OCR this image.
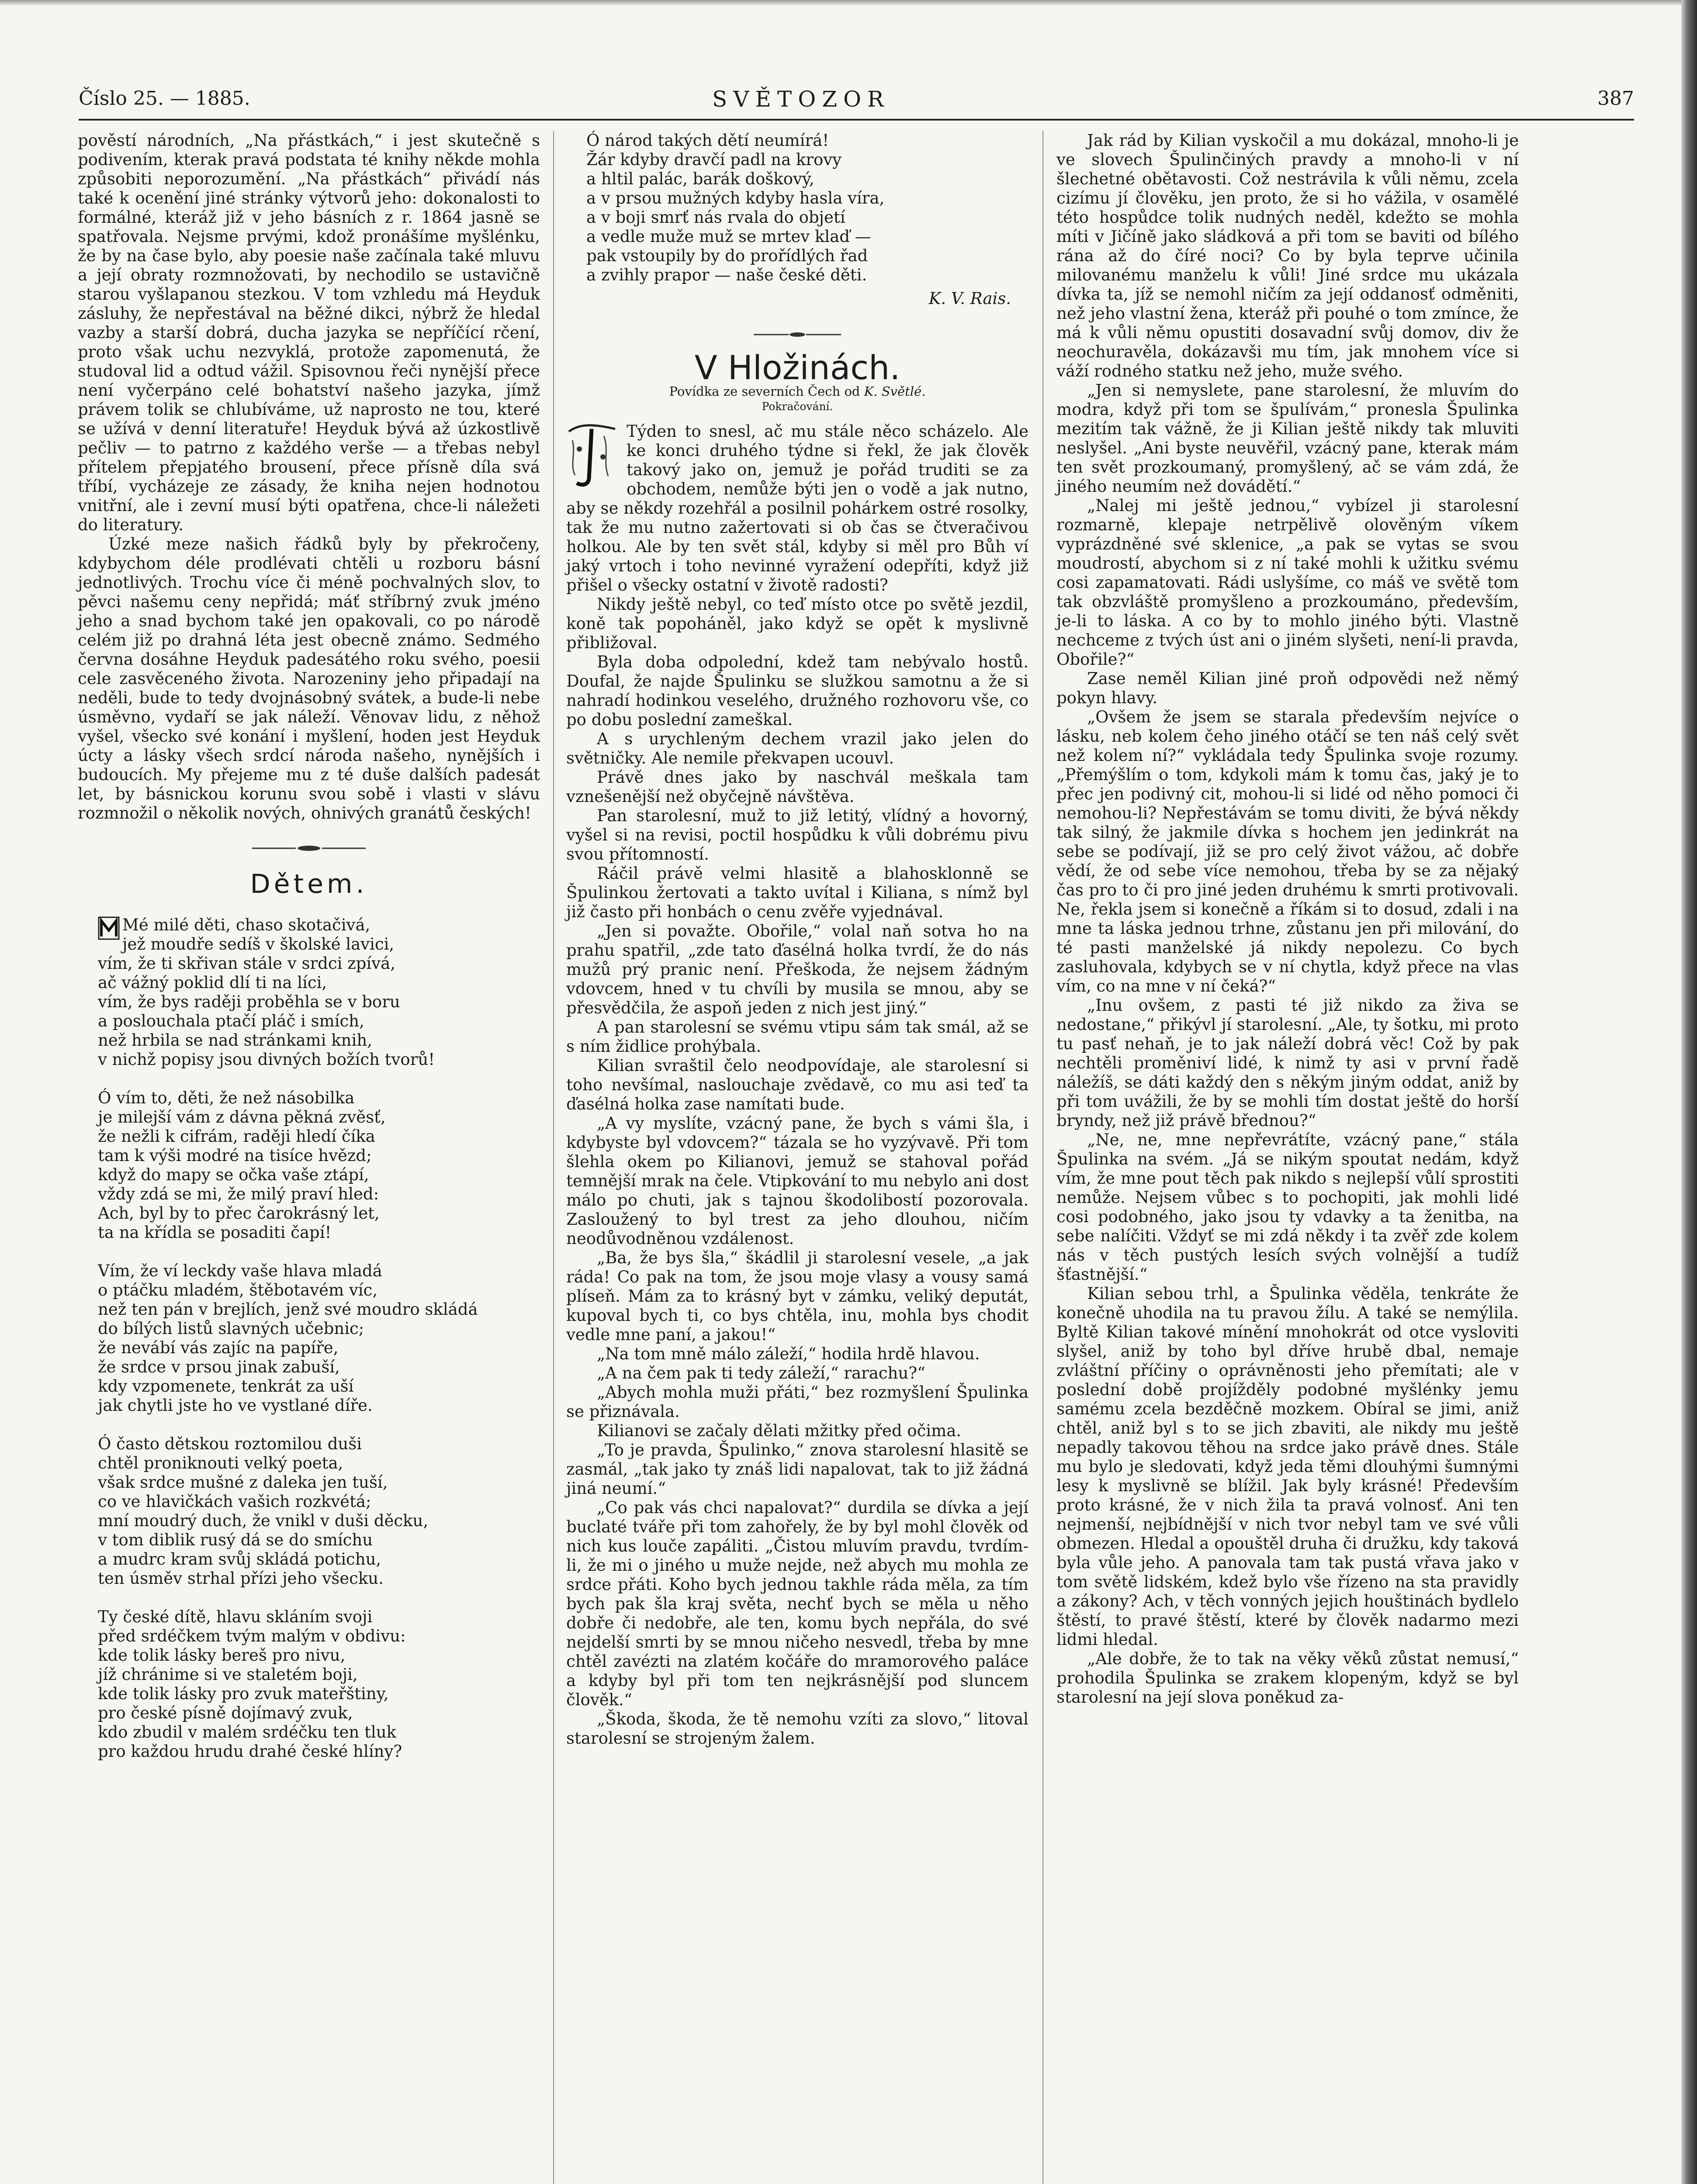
Číslo 25. — 1885.	SVĚTOZOR	387

pověstí národních, „Na přástkách,“ i jest skutečně s podivením, kterak pravá podstata té knihy někde mohla způsobiti neporozumění. „Na přástkách“ přivádí nás také k ocenění jiné stránky výtvorů jeho: dokonalosti to formálné, kteráž již v jeho básních z r. 1864 jasně se spatřovala. Nejsme prvými, kdož pronášíme myšlénku, že by na čase bylo, aby poesie naše začínala také mluvu a její obraty rozmnožovati, by nechodilo se ustavičně starou vyšlapanou stezkou. V tom vzhledu má Heyduk zásluhy, že nepřestával na běžné dikci, nýbrž že hledal vazby a starší dobrá, ducha jazyka se nepříčící rčení, proto však uchu nezvyklá, protože zapomenutá, že studoval lid a odtud vážil. Spisovnou řeči nynější přece není vyčerpáno celé bohatství našeho jazyka, jímž právem tolik se chlubíváme, už naprosto ne tou, které se užívá v denní literatuře! Heyduk bývá až úzkostlivě pečliv — to patrno z každého verše — a třebas nebyl přítelem přepjatého brousení, přece přísně díla svá tříbí, vycházeje ze zásady, že kniha nejen hodnotou vnitřní, ale i zevní musí býti opatřena, chce-li náležeti do literatury.

Úzké meze našich řádků byly by překročeny, kdybychom déle prodlévati chtěli u rozboru básní jednotlivých. Trochu více či méně pochvalných slov, to pěvci našemu ceny nepřidá; máť stříbrný zvuk jméno jeho a snad bychom také jen opakovali, co po národě celém již po drahná léta jest obecně známo. Sedmého června dosáhne Heyduk padesátého roku svého, poesii cele zasvěceného života. Narozeniny jeho připadají na neděli, bude to tedy dvojnásobný svátek, a bude-li nebe úsměvno, vydaří se jak náleží. Věnovav lidu, z něhož vyšel, všecko své konání i myšlení, hoden jest Heyduk úcty a lásky všech srdcí národa našeho, nynějších i budoucích. My přejeme mu z té duše dalších padesát let, by básnickou korunu svou sobě i vlasti v slávu rozmnožil o několik nových, ohnivých granátů českých!

Dětem.
Mé milé děti, chaso skotačivá,
jež moudře sedíš v školské lavici,
vím, že ti skřivan stále v srdci zpívá,
ač vážný poklid dlí ti na líci,
vím, že bys raději proběhla se v boru
a poslouchala ptačí pláč i smích,
než hrbila se nad stránkami knih,
v nichž popisy jsou divných božích tvorů!
Ó vím to, děti, že než násobilka
je milejší vám z dávna pěkná zvěsť,
že nežli k cifrám, raději hledí číka
tam k výši modré na tisíce hvězd;
když do mapy se očka vaše ztápí,
vždy zdá se mi, že milý praví hled:
Ach, byl by to přec čarokrásný let,
ta na křídla se posaditi čapí!
Vím, že ví leckdy vaše hlava mladá
o ptáčku mladém, štěbotavém víc,
než ten pán v brejlích, jenž své moudro skládá
do bílých listů slavných učebnic;
že nevábí vás zajíc na papíře,
že srdce v prsou jinak zabuší,
kdy vzpomenete, tenkrát za uší
jak chytli jste ho ve vystlané díře.
Ó často dětskou roztomilou duši
chtěl proniknouti velký poeta,
však srdce mušné z daleka jen tuší,
co ve hlavičkách vašich rozkvétá;
mní moudrý duch, že vnikl v duši děcku,
v tom diblik rusý dá se do smíchu
a mudrc kram svůj skládá potichu,
ten úsměv strhal přízi jeho všecku.
Ty české dítě, hlavu skláním svoji
před srdéčkem tvým malým v obdivu:
kde tolik lásky bereš pro nivu,
jíž chránime si ve staletém boji,
kde tolik lásky pro zvuk mateřštiny,
pro české písně dojímavý zvuk,
kdo zbudil v malém srdéčku ten tluk
pro každou hrudu drahé české hlíny?
Ó národ takých dětí neumírá!
Žár kdyby dravčí padl na krovy
a hltil palác, barák doškový,
a v prsou mužných kdyby hasla víra,
a v boji smrť nás rvala do objetí
a vedle muže muž se mrtev klaď —
pak vstoupily by do prořídlých řad
a zvihly prapor — naše české děti.
K. V. Rais.
V Hložinách.
Povídka ze severních Čech od K. Světlé.
Pokračování.

Týden to snesl, ač mu stále něco scházelo. Ale ke konci druhého týdne si řekl, že jak člověk takový jako on, jemuž je pořád truditi se za obchodem, nemůže býti jen o vodě a jak nutno, aby se někdy rozehřál a posilnil pohárkem ostré rosolky, tak že mu nutno zažertovati si ob čas se čtveračivou holkou. Ale by ten svět stál, kdyby si měl pro Bůh ví jaký vrtoch i toho nevinné vyražení odepříti, když již přišel o všecky ostatní v životě radosti?

Nikdy ještě nebyl, co teď místo otce po světě jezdil, koně tak popoháněl, jako když se opět k myslivně přibližoval.

Byla doba odpolední, kdež tam nebývalo hostů. Doufal, že najde Špulinku se služkou samotnu a že si nahradí hodinkou veselého, družného rozhovoru vše, co po dobu poslední zameškal.

A s urychleným dechem vrazil jako jelen do světničky. Ale nemile překvapen ucouvl.

Právě dnes jako by naschvál meškala tam vznešenější než obyčejně návštěva.

Pan starolesní, muž to již letitý, vlídný a hovorný, vyšel si na revisi, poctil hospůdku k vůli dobrému pivu svou přítomností.

Ráčil právě velmi hlasitě a blahosklonně se Špulinkou žertovati a takto uvítal i Kiliana, s nímž byl již často při honbách o cenu zvěře vyjednával.

„Jen si považte. Obořile,“ volal naň sotva ho na prahu spatřil, „zde tato ďasélná holka tvrdí, že do nás mužů prý pranic není. Přeškoda, že nejsem žádným vdovcem, hned v tu chvíli by musila se mnou, aby se přesvědčila, že aspoň jeden z nich jest jiný.“

A pan starolesní se svému vtipu sám tak smál, až se s ním židlice prohýbala.

Kilian svraštil čelo neodpovídaje, ale starolesní si toho nevšímal, naslouchaje zvědavě, co mu asi teď ta ďasélná holka zase namítati bude.

„A vy myslíte, vzácný pane, že bych s vámi šla, i kdybyste byl vdovcem?“ tázala se ho vyzývavě. Při tom šlehla okem po Kilianovi, jemuž se stahoval pořád temnější mrak na čele. Vtipkování to mu nebylo ani dost málo po chuti, jak s tajnou škodolibostí pozorovala. Zasloužený to byl trest za jeho dlouhou, ničím neodůvodněnou vzdálenost.

„Ba, že bys šla,“ škádlil ji starolesní vesele, „a jak ráda! Co pak na tom, že jsou moje vlasy a vousy samá plíseň. Mám za to krásný byt v zámku, veliký deputát, kupoval bych ti, co bys chtěla, inu, mohla bys chodit vedle mne paní, a jakou!“

„Na tom mně málo záleží,“ hodila hrdě hlavou.

„A na čem pak ti tedy záleží,“ rarachu?“

„Abych mohla muži přáti,“ bez rozmyšlení Špulinka se přiznávala.

Kilianovi se začaly dělati mžitky před očima.

„To je pravda, Špulinko,“ znova starolesní hlasitě se zasmál, „tak jako ty znáš lidi napalovat, tak to již žádná jiná neumí.“

„Co pak vás chci napalovat?“ durdila se dívka a její buclaté tváře při tom zahořely, že by byl mohl člověk od nich kus louče zapáliti. „Čistou mluvím pravdu, tvrdím-li, že mi o jiného u muže nejde, než abych mu mohla ze srdce přáti. Koho bych jednou takhle ráda měla, za tím bych pak šla kraj světa, nechť bych se měla u něho dobře či nedobře, ale ten, komu bych nepřála, do své nejdelší smrti by se mnou ničeho nesvedl, třeba by mne chtěl zavézti na zlatém kočáře do mramorového paláce a kdyby byl při tom ten nejkrásnější pod sluncem člověk.“

„Škoda, škoda, že tě nemohu vzíti za slovo,“ litoval starolesní se strojeným žalem.

Jak rád by Kilian vyskočil a mu dokázal, mnoho-li je ve slovech Špulinčiných pravdy a mnoho-li v ní šlechetné obětavosti. Což nestrávila k vůli němu, zcela cizímu jí člověku, jen proto, že si ho vážila, v osamělé této hospůdce tolik nudných neděl, kdežto se mohla míti v Jičíně jako sládková a při tom se baviti od bílého rána až do číré noci? Co by byla teprve učinila milovanému manželu k vůli! Jiné srdce mu ukázala dívka ta, jíž se nemohl ničím za její oddanosť odměniti, než jeho vlastní žena, kteráž při pouhé o tom zmínce, že má k vůli němu opustiti dosavadní svůj domov, div že neochuravěla, dokázavši mu tím, jak mnohem více si váží rodného statku než jeho, muže svého.

„Jen si nemyslete, pane starolesní, že mluvím do modra, když při tom se špulívám,“ pronesla Špulinka mezitím tak vážně, že ji Kilian ještě nikdy tak mluviti neslyšel. „Ani byste neuvěřil, vzácný pane, kterak mám ten svět prozkoumaný, promyšlený, ač se vám zdá, že jiného neumím než dovádětí.“

„Nalej mi ještě jednou,“ vybízel ji starolesní rozmarně, klepaje netrpělivě olověným víkem vyprázdněné své sklenice, „a pak se vytas se svou moudrostí, abychom si z ní také mohli k užitku svému cosi zapamatovati. Rádi uslyšíme, co máš ve světě tom tak obzvláště promyšleno a prozkoumáno, především, je-li to láska. A co by to mohlo jiného býti. Vlastně nechceme z tvých úst ani o jiném slyšeti, není-li pravda, Obořile?“

Zase neměl Kilian jiné proň odpovědi než němý pokyn hlavy.

„Ovšem že jsem se starala především nejvíce o lásku, neb kolem čeho jiného otáčí se ten náš celý svět než kolem ní?“ vykládala tedy Špulinka svoje rozumy. „Přemýšlím o tom, kdykoli mám k tomu čas, jaký je to přec jen podivný cit, mohou-li si lidé od něho pomoci či nemohou-li? Nepřestávám se tomu diviti, že bývá někdy tak silný, že jakmile dívka s hochem jen jedinkrát na sebe se podívají, již se pro celý život vážou, ač dobře vědí, že od sebe více nemohou, třeba by se za nějaký čas pro to či pro jiné jeden druhému k smrti protivovali. Ne, řekla jsem si konečně a říkám si to dosud, zdali i na mne ta láska jednou trhne, zůstanu jen při milování, do té pasti manželské já nikdy nepolezu. Co bych zasluhovala, kdybych se v ní chytla, když přece na vlas vím, co na mne v ní čeká?“

„Inu ovšem, z pasti té již nikdo za živa se nedostane,“ přikývl jí starolesní. „Ale, ty šotku, mi proto tu pasť nehaň, je to jak náleží dobrá věc! Což by pak nechtěli proměniví lidé, k nimž ty asi v první řadě náležíš, se dáti každý den s někým jiným oddat, aniž by při tom uvážili, že by se mohli tím dostat ještě do horší bryndy, než již právě břednou?“

„Ne, ne, mne nepřevrátíte, vzácný pane,“ stála Špulinka na svém. „Já se nikým spoutat nedám, když vím, že mne pout těch pak nikdo s nejlepší vůlí sprostiti nemůže. Nejsem vůbec s to pochopiti, jak mohli lidé cosi podobného, jako jsou ty vdavky a ta ženitba, na sebe nalíčiti. Vždyť se mi zdá někdy i ta zvěř zde kolem nás v těch pustých lesích svých volnější a tudíž šťastnější.“

Kilian sebou trhl, a Špulinka věděla, tenkráte že konečně uhodila na tu pravou žílu. A také se nemýlila. Byltě Kilian takové mínění mnohokrát od otce vysloviti slyšel, aniž by toho byl dříve hrubě dbal, nemaje zvláštní příčiny o oprávněnosti jeho přemítati; ale v poslední době projížděly podobné myšlénky jemu samému zcela bezděčně mozkem. Obíral se jimi, aniž chtěl, aniž byl s to se jich zbaviti, ale nikdy mu ještě nepadly takovou těhou na srdce jako právě dnes. Stále mu bylo je sledovati, když jeda těmi dlouhými šumnými lesy k myslivně se blížil. Jak byly krásné! Především proto krásné, že v nich žila ta pravá volnosť. Ani ten nejmenší, nejbídnější v nich tvor nebyl tam ve své vůli obmezen. Hledal a opouštěl druha či družku, kdy taková byla vůle jeho. A panovala tam tak pustá vřava jako v tom světě lidském, kdež bylo vše řízeno na sta pravidly a zákony? Ach, v těch vonných jejich houštinách bydlelo štěstí, to pravé štěstí, které by člověk nadarmo mezi lidmi hledal.

„Ale dobře, že to tak na věky věků zůstat nemusí,“ prohodila Špulinka se zrakem klopeným, když se byl starolesní na její slova poněkud za-
